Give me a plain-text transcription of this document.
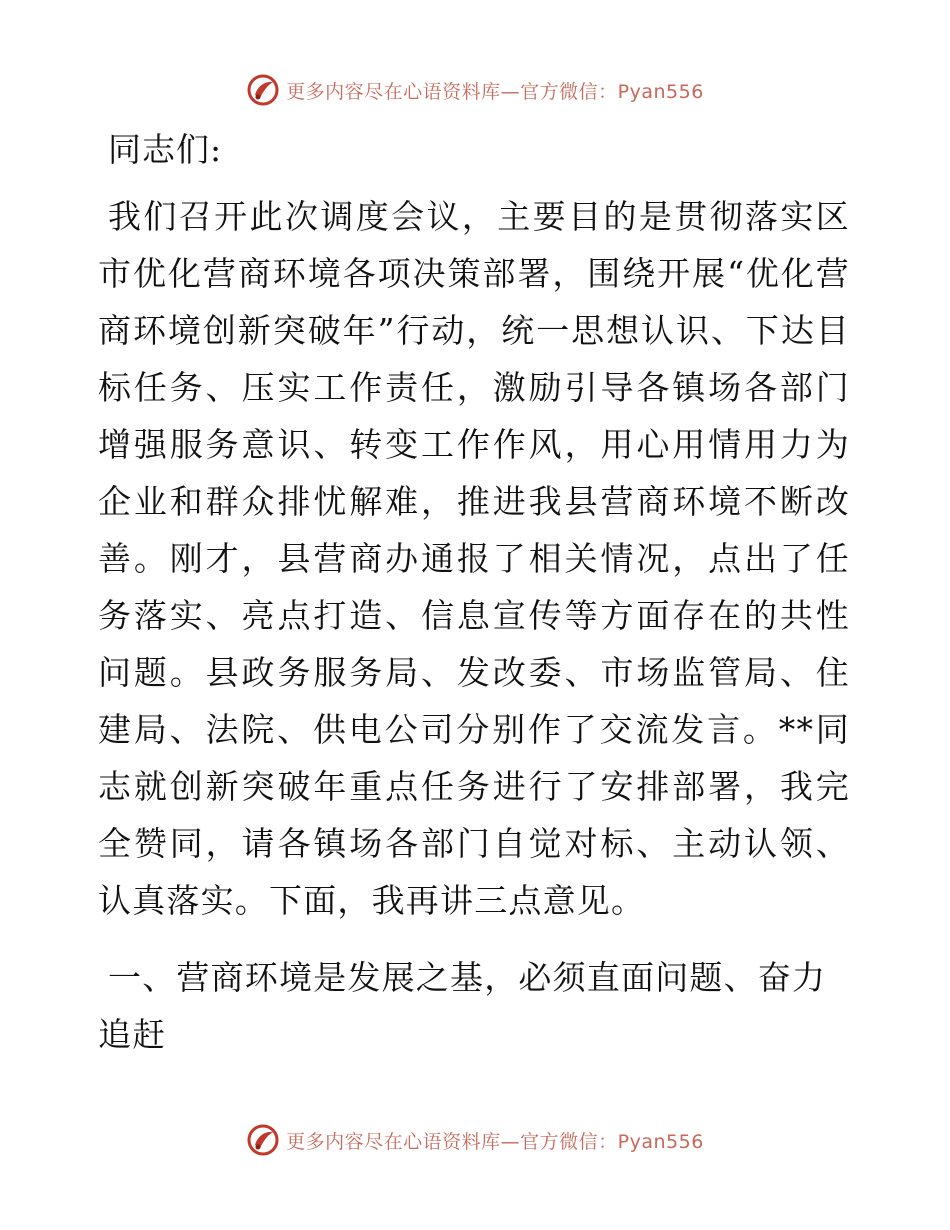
更多内容尽在心语资料库—官方微信：Pyan556

同志们:

我们召开此次调度会议，主要目的是贯彻落实区市优化营商环境各项决策部署，围绕开展“优化营商环境创新突破年”行动，统一思想认识、下达目标任务、压实工作责任，激励引导各镇场各部门增强服务意识、转变工作作风，用心用情用力为企业和群众排忧解难，推进我县营商环境不断改善。刚才，县营商办通报了相关情况，点出了任务落实、亮点打造、信息宣传等方面存在的共性问题。县政务服务局、发改委、市场监管局、住建局、法院、供电公司分别作了交流发言。**同志就创新突破年重点任务进行了安排部署，我完全赞同，请各镇场各部门自觉对标、主动认领、认真落实。下面，我再讲三点意见。

一、营商环境是发展之基，必须直面问题、奋力追赶

更多内容尽在心语资料库—官方微信：Pyan556
